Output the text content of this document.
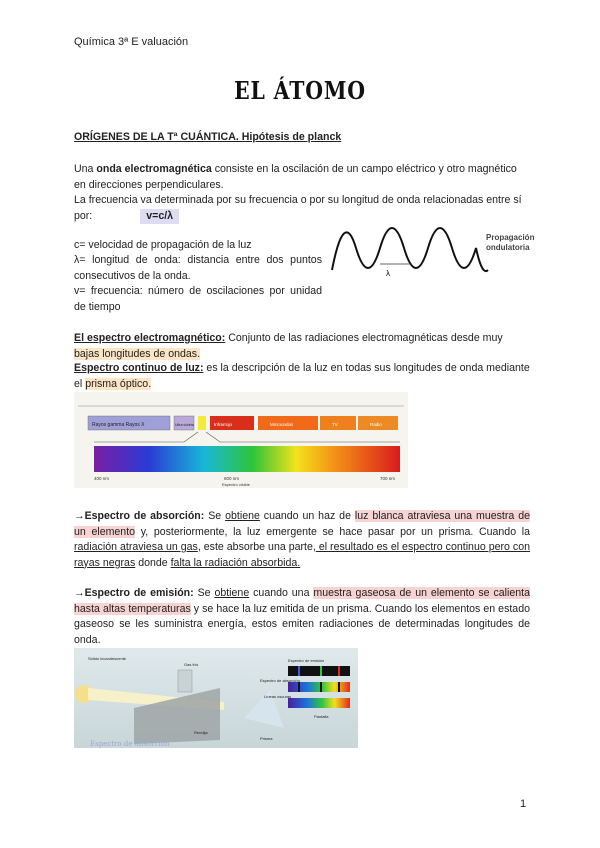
Química 3ª E valuación
EL ÁTOMO
ORÍGENES DE LA Tª CUÁNTICA. Hipótesis de planck
Una onda electromagnética consiste en la oscilación de un campo eléctrico y otro magnético en direcciones perpendiculares.
La frecuencia va determinada por su frecuencia o por su longitud de onda relacionadas entre sí por:	v=c/λ
c= velocidad de propagación de la luz
λ= longitud de onda: distancia entre dos puntos consecutivos de la onda.
v= frecuencia: número de oscilaciones por unidad de tiempo
λ
Propagación
ondulatoria
El espectro electromagnético: Conjunto de las radiaciones electromagnéticas desde muy bajas longitudes de ondas.
Espectro continuo de luz: es la descripción de la luz en todas sus longitudes de onda mediante el prisma óptico.
Rayos gamma Rayos X	Ultra-violeta	Infrarrojo	Microondas	TV	Radio
400 nm	600 nm	700 nm
Espectro visible
→Espectro de absorción: Se obtiene cuando un haz de luz blanca atraviesa una muestra de un elemento y, posteriormente, la luz emergente se hace pasar por un prisma. Cuando la radiación atraviesa un gas, este absorbe una parte, el resultado es el espectro continuo pero con rayas negras donde falta la radiación absorbida.
→Espectro de emisión: Se obtiene cuando una muestra gaseosa de un elemento se calienta hasta altas temperaturas y se hace la luz emitida de un prisma. Cuando los elementos en estado gaseoso se les suministra energía, estos emiten radiaciones de determinadas longitudes de onda.
Sólido incandescente
Gas frío
Espectro de emisión
Espectro de absorción
Líneas oscuras
Pantalla
Rendija
Prisma
Espectro de absorción
1
